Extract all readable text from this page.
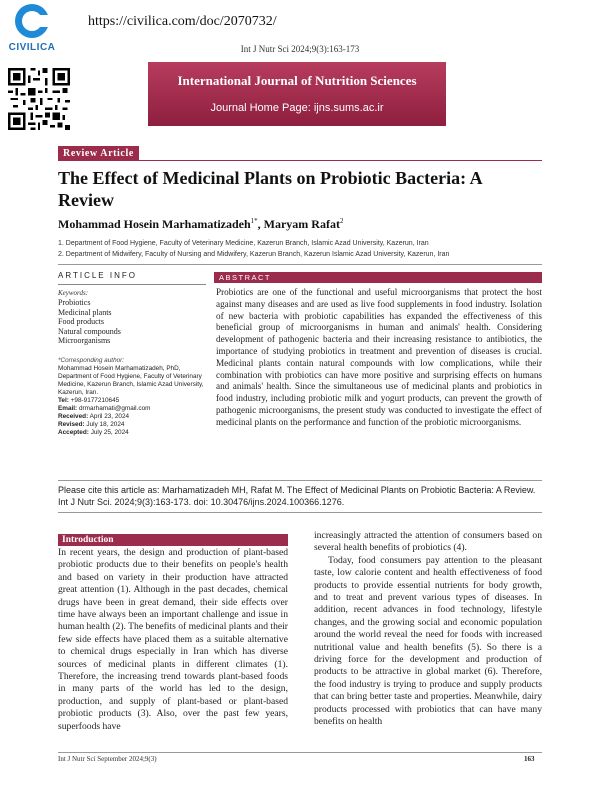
CIVILICA
https://civilica.com/doc/2070732/
Int J Nutr Sci 2024;9(3):163-173
International Journal of Nutrition Sciences
Journal Home Page: ijns.sums.ac.ir
Review Article
The Effect of Medicinal Plants on Probiotic Bacteria: A Review
Mohammad Hosein Marhamatizadeh$^{1*}$, Maryam Rafat$^2$
1. Department of Food Hygiene, Faculty of Veterinary Medicine, Kazerun Branch, Islamic Azad University, Kazerun, Iran
2. Department of Midwifery, Faculty of Nursing and Midwifery, Kazerun Branch, Kazerun Islamic Azad University, Kazerun, Iran
ARTICLE INFO
Keywords:
Probiotics
Medicinal plants
Food products
Natural compounds
Microorganisms
*Corresponding author:
Mohammad Hosein Marhamatizadeh, PhD, Department of Food Hygiene, Faculty of Veterinary Medicine, Kazerun Branch, Islamic Azad University, Kazerun, Iran.
Tel: +98-9177210645
Email: drmarhamati@gmail.com
Received: April 23, 2024
Revised: July 18, 2024
Accepted: July 25, 2024
ABSTRACT
Probiotics are one of the functional and useful microorganisms that protect the host against many diseases and are used as live food supplements in food industry. Isolation of new bacteria with probiotic capabilities has expanded the effectiveness of this beneficial group of microorganisms in human and animals' health. Considering development of pathogenic bacteria and their increasing resistance to antibiotics, the importance of studying probiotics in treatment and prevention of diseases is crucial. Medicinal plants contain natural compounds with low complications, while their combination with probiotics can have more positive and surprising effects on humans and animals' health. Since the simultaneous use of medicinal plants and probiotics in food industry, including probiotic milk and yogurt products, can prevent the growth of pathogenic microorganisms, the present study was conducted to investigate the effect of medicinal plants on the performance and function of the probiotic microorganisms.
Please cite this article as: Marhamatizadeh MH, Rafat M. The Effect of Medicinal Plants on Probiotic Bacteria: A Review. Int J Nutr Sci. 2024;9(3):163-173. doi: 10.30476/ijns.2024.100366.1276.
Introduction

In recent years, the design and production of plant-based probiotic products due to their benefits on people's health and based on variety in their production have attracted great attention (1). Although in the past decades, chemical drugs have been in great demand, their side effects over time have always been an important challenge and issue in human health (2). The benefits of medicinal plants and their few side effects have placed them as a suitable alternative to chemical drugs especially in Iran which has diverse sources of medicinal plants in different climates (1). Therefore, the increasing trend towards plant-based foods in many parts of the world has led to the design, production, and supply of plant-based or plant-based probiotic products (3). Also, over the past few years, superfoods have

increasingly attracted the attention of consumers based on several health benefits of probiotics (4).

Today, food consumers pay attention to the pleasant taste, low calorie content and health effectiveness of food products to provide essential nutrients for body growth, and to treat and prevent various types of diseases. In addition, recent advances in food technology, lifestyle changes, and the growing social and economic population around the world reveal the need for foods with increased nutritional value and health benefits (5). So there is a driving force for the development and production of products to be attractive in global market (6). Therefore, the food industry is trying to produce and supply products that can bring better taste and properties. Meanwhile, dairy products processed with probiotics that can have many benefits on health

Int J Nutr Sci September 2024;9(3)	163
